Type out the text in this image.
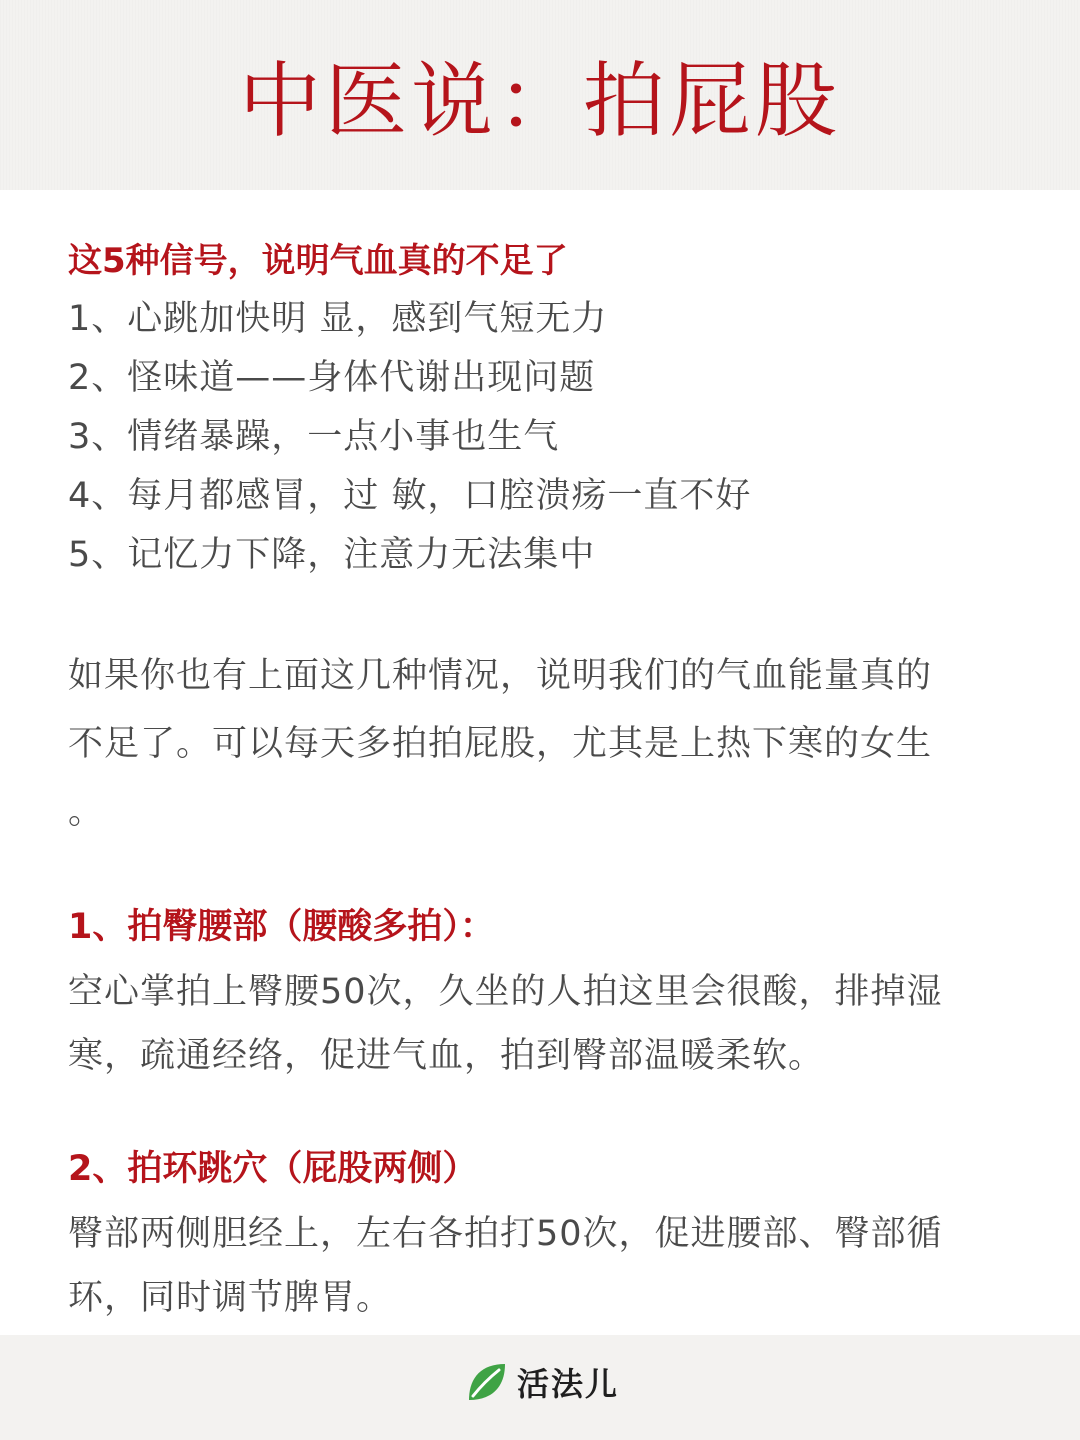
中医说：拍屁股

这5种信号，说明气血真的不足了

1、心跳加快明 显，感到气短无力

2、怪味道——身体代谢出现问题

3、情绪暴躁，一点小事也生气

4、每月都感冒，过 敏，口腔溃疡一直不好

5、记忆力下降，注意力无法集中

如果你也有上面这几种情况，说明我们的气血能量真的

不足了。可以每天多拍拍屁股，尤其是上热下寒的女生

。

1、拍臀腰部（腰酸多拍）：

空心掌拍上臀腰50次，久坐的人拍这里会很酸，排掉湿

寒，疏通经络，促进气血，拍到臀部温暖柔软。

2、拍环跳穴（屁股两侧）

臀部两侧胆经上，左右各拍打50次，促进腰部、臀部循

环，同时调节脾胃。

活法儿
